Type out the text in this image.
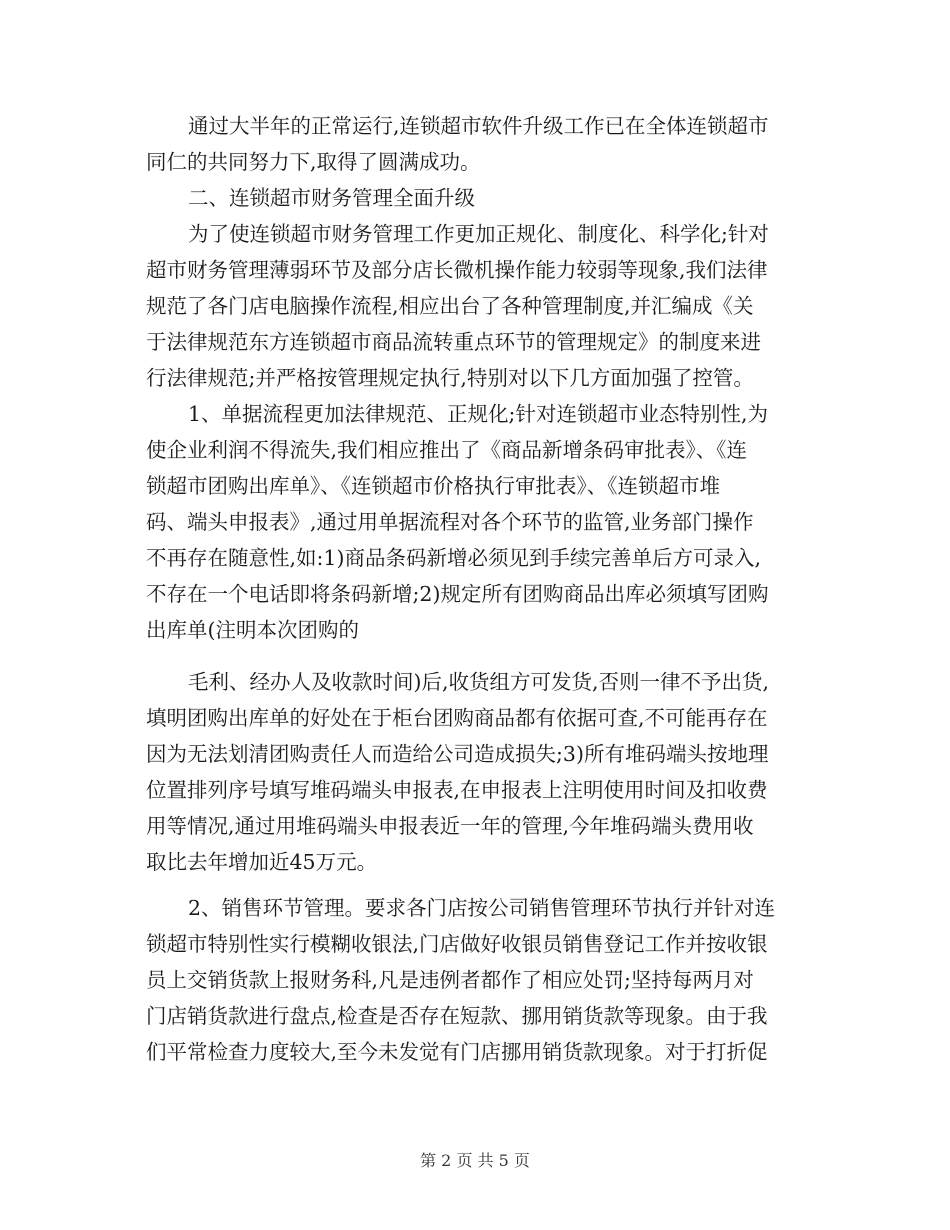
通过大半年的正常运行,连锁超市软件升级工作已在全体连锁超市
同仁的共同努力下,取得了圆满成功。
二、连锁超市财务管理全面升级
为了使连锁超市财务管理工作更加正规化、制度化、科学化;针对
超市财务管理薄弱环节及部分店长微机操作能力较弱等现象,我们法律
规范了各门店电脑操作流程,相应出台了各种管理制度,并汇编成《关
于法律规范东方连锁超市商品流转重点环节的管理规定》的制度来进
行法律规范;并严格按管理规定执行,特别对以下几方面加强了控管。
1、单据流程更加法律规范、正规化;针对连锁超市业态特别性,为
使企业利润不得流失,我们相应推出了《商品新增条码审批表》、《连
锁超市团购出库单》、《连锁超市价格执行审批表》、《连锁超市堆
码、端头申报表》,通过用单据流程对各个环节的监管,业务部门操作
不再存在随意性,如:1)商品条码新增必须见到手续完善单后方可录入,
不存在一个电话即将条码新增;2)规定所有团购商品出库必须填写团购
出库单(注明本次团购的
毛利、经办人及收款时间)后,收货组方可发货,否则一律不予出货,
填明团购出库单的好处在于柜台团购商品都有依据可查,不可能再存在
因为无法划清团购责任人而造给公司造成损失;3)所有堆码端头按地理
位置排列序号填写堆码端头申报表,在申报表上注明使用时间及扣收费
用等情况,通过用堆码端头申报表近一年的管理,今年堆码端头费用收
取比去年增加近45万元。
2、销售环节管理。要求各门店按公司销售管理环节执行并针对连
锁超市特别性实行模糊收银法,门店做好收银员销售登记工作并按收银
员上交销货款上报财务科,凡是违例者都作了相应处罚;坚持每两月对
门店销货款进行盘点,检查是否存在短款、挪用销货款等现象。由于我
们平常检查力度较大,至今未发觉有门店挪用销货款现象。对于打折促
第 2 页 共 5 页
